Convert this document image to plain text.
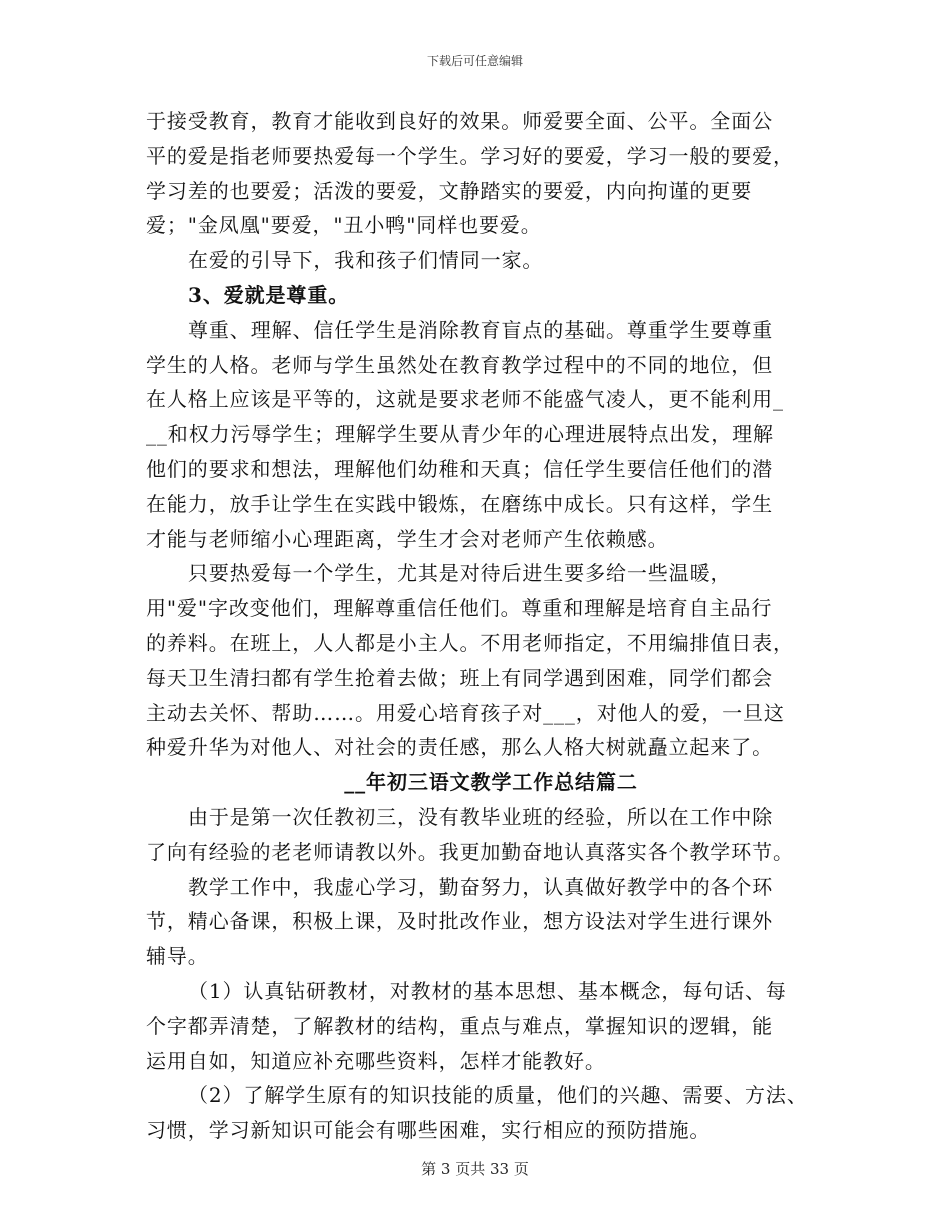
下载后可任意编辑
于接受教育，教育才能收到良好的效果。师爱要全面、公平。全面公
平的爱是指老师要热爱每一个学生。学习好的要爱，学习一般的要爱，
学习差的也要爱；活泼的要爱，文静踏实的要爱，内向拘谨的更要
爱；"金凤凰"要爱，"丑小鸭"同样也要爱。
在爱的引导下，我和孩子们情同一家。
3、爱就是尊重。
尊重、理解、信任学生是消除教育盲点的基础。尊重学生要尊重
学生的人格。老师与学生虽然处在教育教学过程中的不同的地位，但
在人格上应该是平等的，这就是要求老师不能盛气凌人，更不能利用_
__和权力污辱学生；理解学生要从青少年的心理进展特点出发，理解
他们的要求和想法，理解他们幼稚和天真；信任学生要信任他们的潜
在能力，放手让学生在实践中锻炼，在磨练中成长。只有这样，学生
才能与老师缩小心理距离，学生才会对老师产生依赖感。
只要热爱每一个学生，尤其是对待后进生要多给一些温暖，
用"爱"字改变他们，理解尊重信任他们。尊重和理解是培育自主品行
的养料。在班上，人人都是小主人。不用老师指定，不用编排值日表，
每天卫生清扫都有学生抢着去做；班上有同学遇到困难，同学们都会
主动去关怀、帮助……。用爱心培育孩子对___，对他人的爱，一旦这
种爱升华为对他人、对社会的责任感，那么人格大树就矗立起来了。
__年初三语文教学工作总结篇二
由于是第一次任教初三，没有教毕业班的经验，所以在工作中除
了向有经验的老老师请教以外。我更加勤奋地认真落实各个教学环节。
教学工作中，我虚心学习，勤奋努力，认真做好教学中的各个环
节，精心备课，积极上课，及时批改作业，想方设法对学生进行课外
辅导。
（1）认真钻研教材，对教材的基本思想、基本概念，每句话、每
个字都弄清楚，了解教材的结构，重点与难点，掌握知识的逻辑，能
运用自如，知道应补充哪些资料，怎样才能教好。
（2）了解学生原有的知识技能的质量，他们的兴趣、需要、方法、
习惯，学习新知识可能会有哪些困难，实行相应的预防措施。
第 3 页共 33 页
